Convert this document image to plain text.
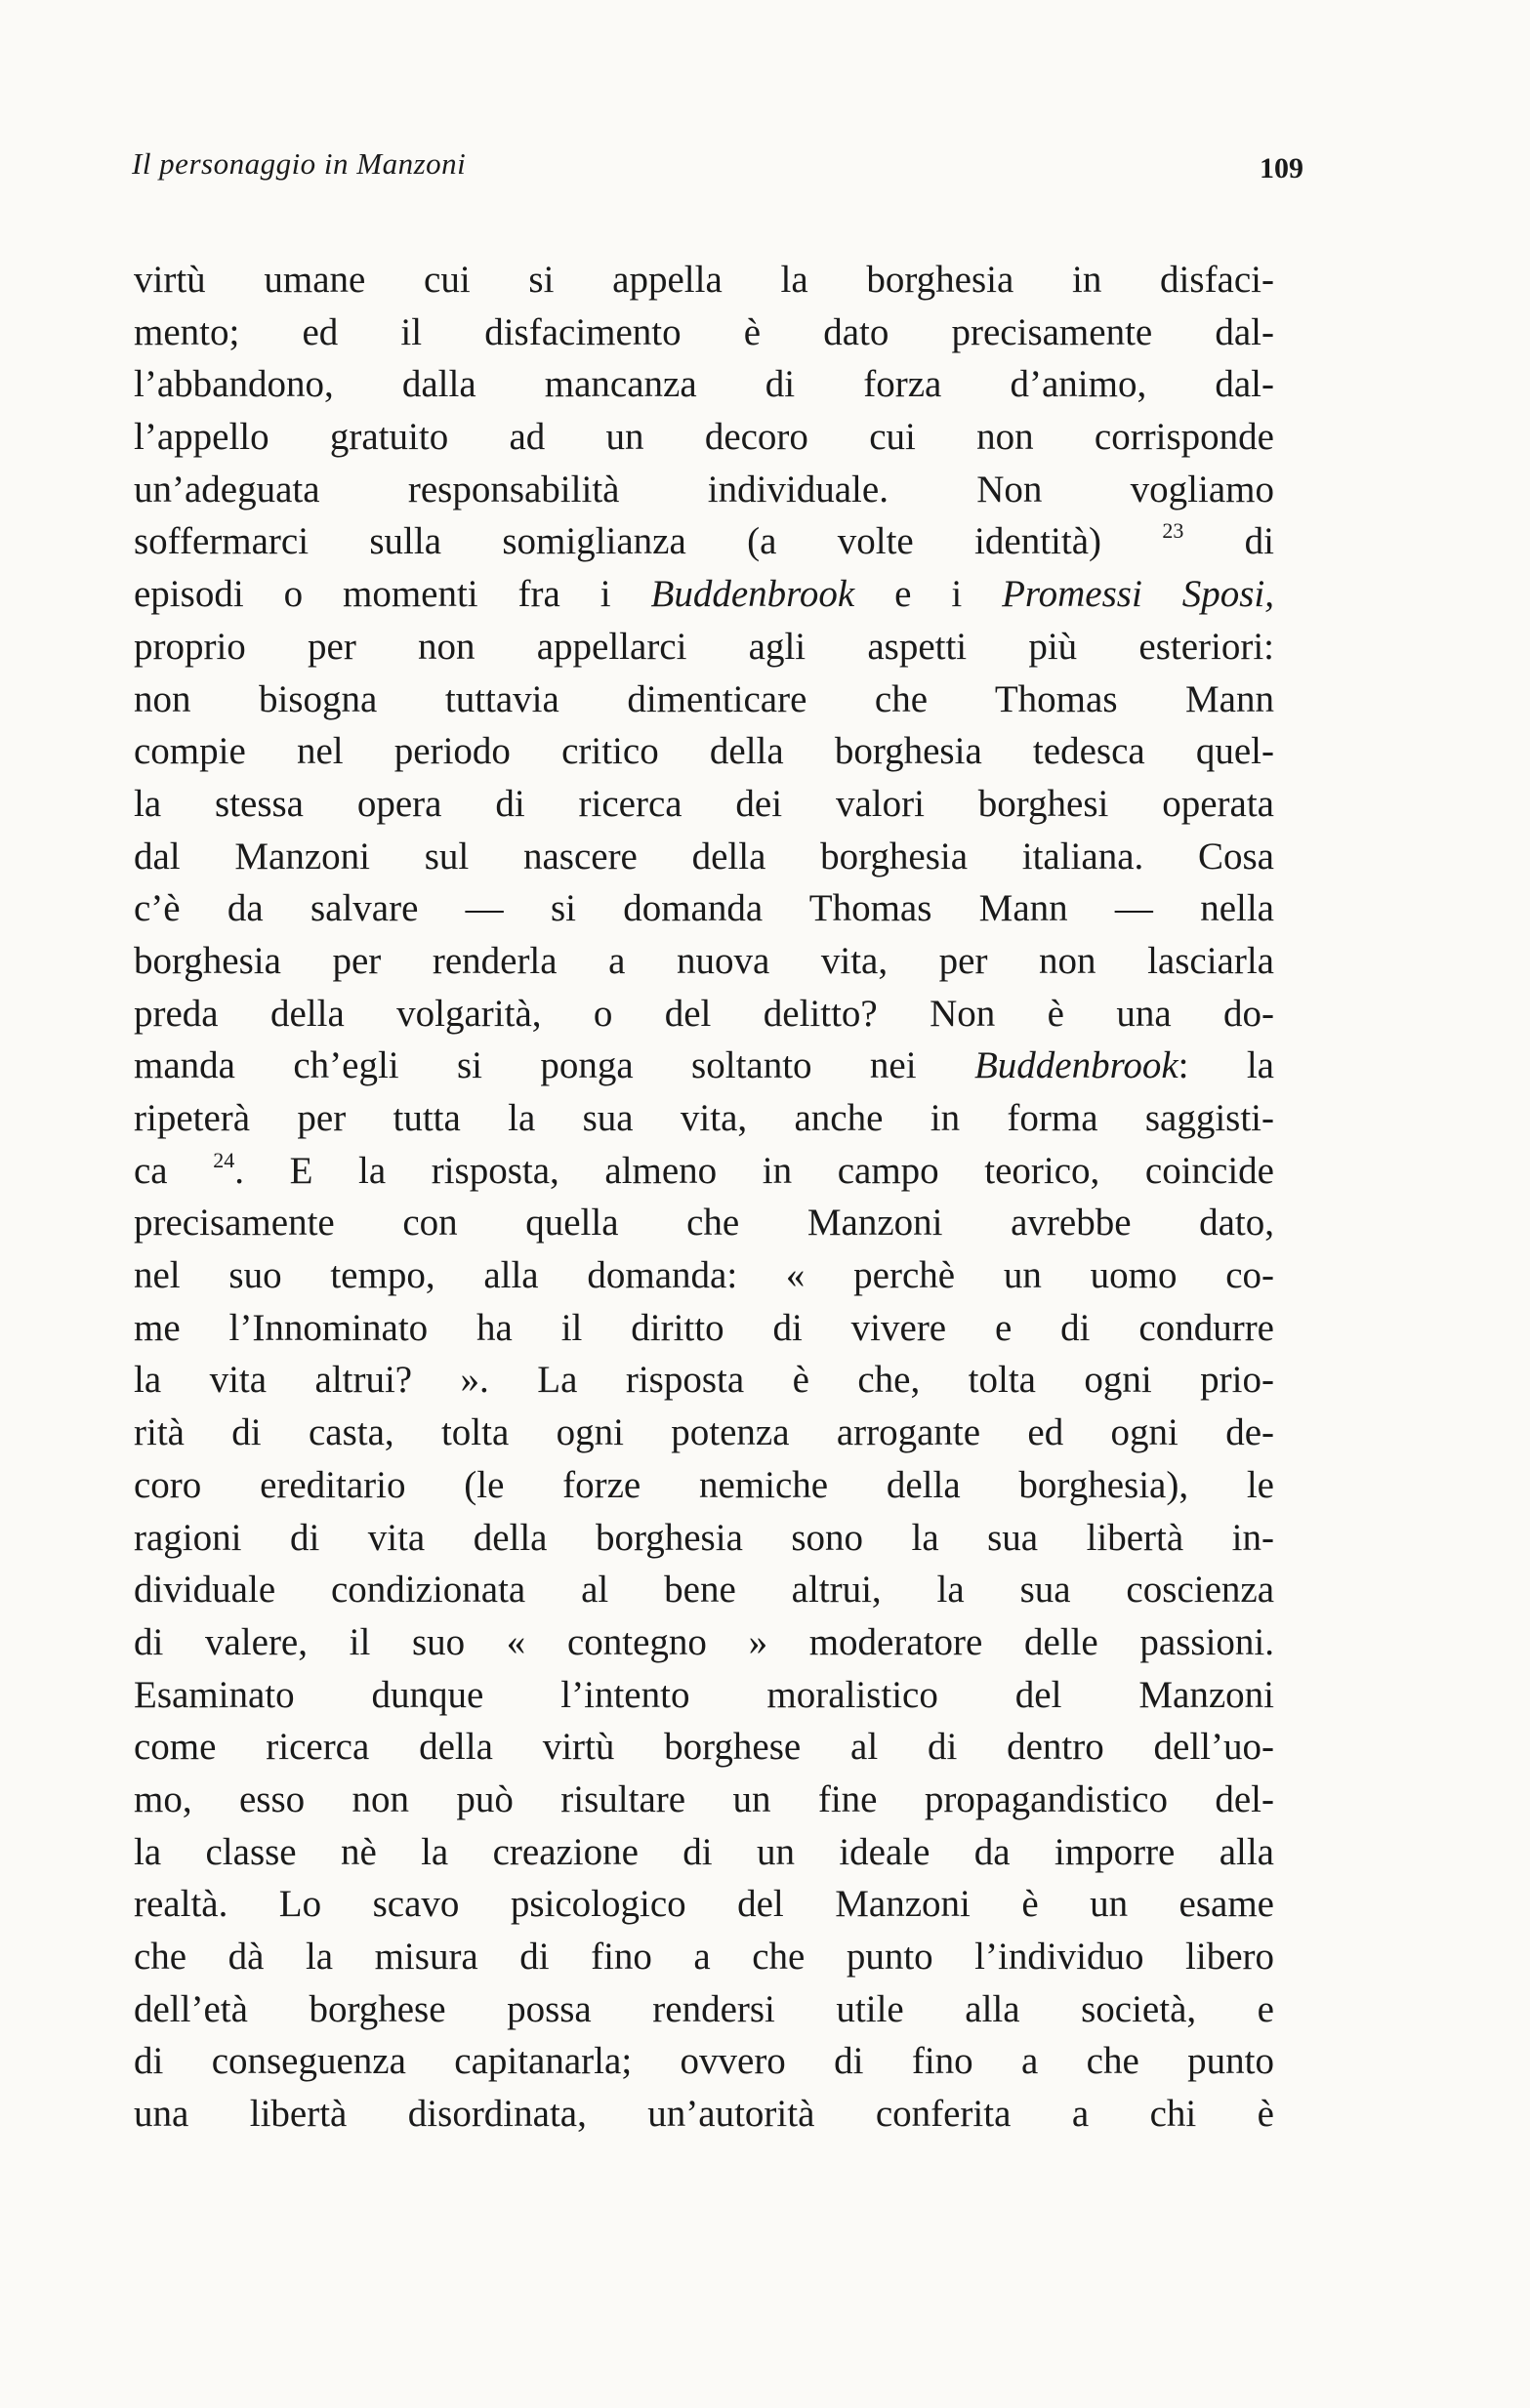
Il personaggio in Manzoni	109
virtù umane cui si appella la borghesia in disfaci-
mento; ed il disfacimento è dato precisamente dal-
l’abbandono, dalla mancanza di forza d’animo, dal-
l’appello gratuito ad un decoro cui non corrisponde
un’adeguata responsabilità individuale. Non vogliamo
soffermarci sulla somiglianza (a volte identità) $^{23}$ di
episodi o momenti fra i Buddenbrook e i Promessi Sposi,
proprio per non appellarci agli aspetti più esteriori:
non bisogna tuttavia dimenticare che Thomas Mann
compie nel periodo critico della borghesia tedesca quel-
la stessa opera di ricerca dei valori borghesi operata
dal Manzoni sul nascere della borghesia italiana. Cosa
c’è da salvare — si domanda Thomas Mann — nella
borghesia per renderla a nuova vita, per non lasciarla
preda della volgarità, o del delitto? Non è una do-
manda ch’egli si ponga soltanto nei Buddenbrook: la
ripeterà per tutta la sua vita, anche in forma saggisti-
ca $^{24}$. E la risposta, almeno in campo teorico, coincide
precisamente con quella che Manzoni avrebbe dato,
nel suo tempo, alla domanda: « perchè un uomo co-
me l’Innominato ha il diritto di vivere e di condurre
la vita altrui? ». La risposta è che, tolta ogni prio-
rità di casta, tolta ogni potenza arrogante ed ogni de-
coro ereditario (le forze nemiche della borghesia), le
ragioni di vita della borghesia sono la sua libertà in-
dividuale condizionata al bene altrui, la sua coscienza
di valere, il suo « contegno » moderatore delle passioni.
Esaminato dunque l’intento moralistico del Manzoni
come ricerca della virtù borghese al di dentro dell’uo-
mo, esso non può risultare un fine propagandistico del-
la classe nè la creazione di un ideale da imporre alla
realtà. Lo scavo psicologico del Manzoni è un esame
che dà la misura di fino a che punto l’individuo libero
dell’età borghese possa rendersi utile alla società, e
di conseguenza capitanarla; ovvero di fino a che punto
una libertà disordinata, un’autorità conferita a chi è
